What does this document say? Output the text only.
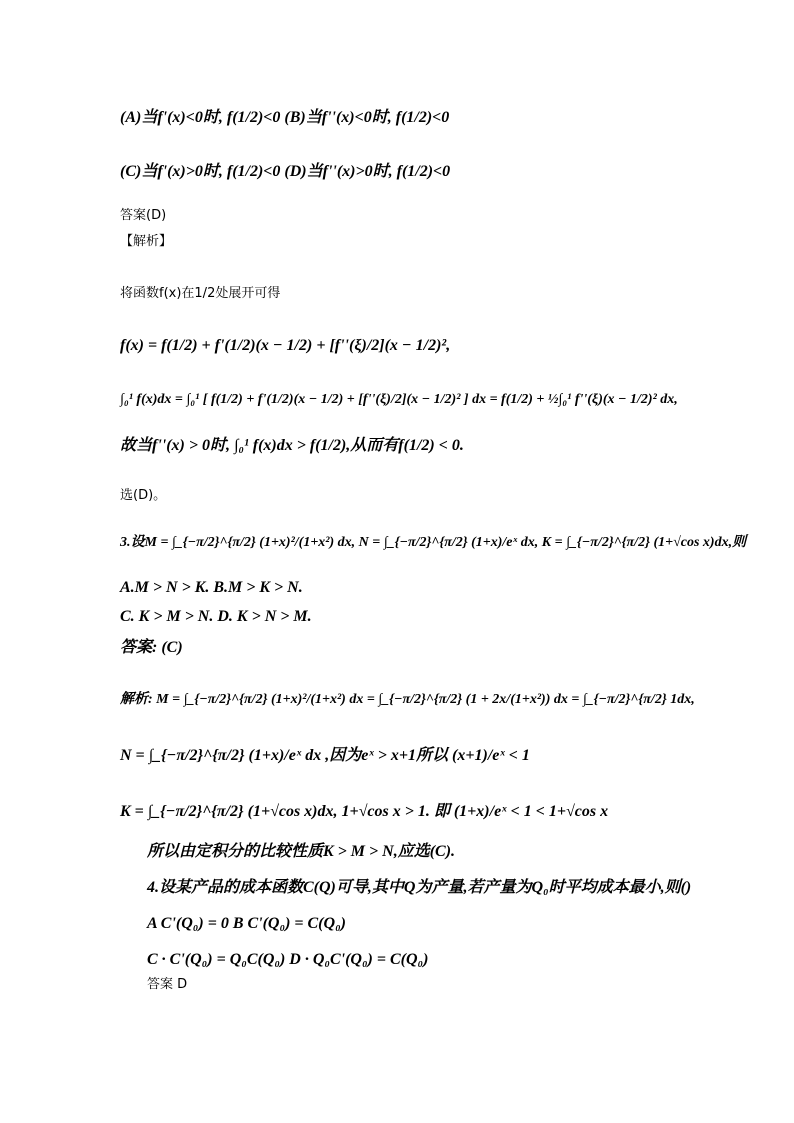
(A)当f'(x)<0时, f(1/2)<0 (B)当f''(x)<0时, f(1/2)<0
(C)当f'(x)>0时, f(1/2)<0 (D)当f''(x)>0时, f(1/2)<0
答案(D)
【解析】
将函数f(x)在1/2处展开可得
f(x) = f(1/2) + f'(1/2)(x − 1/2) + [f''(ξ)/2](x − 1/2)²,
∫₀¹ f(x)dx = ∫₀¹ [ f(1/2) + f'(1/2)(x − 1/2) + [f''(ξ)/2](x − 1/2)² ] dx = f(1/2) + ½∫₀¹ f''(ξ)(x − 1/2)² dx,
故当f''(x) > 0时, ∫₀¹ f(x)dx > f(1/2),从而有f(1/2) < 0.
选(D)。
3.设M = ∫_{−π/2}^{π/2} (1+x)²/(1+x²) dx, N = ∫_{−π/2}^{π/2} (1+x)/eˣ dx, K = ∫_{−π/2}^{π/2} (1+√cos x)dx,则
A.M > N > K. B.M > K > N.
C. K > M > N. D. K > N > M.
答案: (C)
解析: M = ∫_{−π/2}^{π/2} (1+x)²/(1+x²) dx = ∫_{−π/2}^{π/2} (1 + 2x/(1+x²)) dx = ∫_{−π/2}^{π/2} 1dx,
N = ∫_{−π/2}^{π/2} (1+x)/eˣ dx ,因为eˣ > x+1所以 (x+1)/eˣ < 1
K = ∫_{−π/2}^{π/2} (1+√cos x)dx, 1+√cos x > 1. 即 (1+x)/eˣ < 1 < 1+√cos x
所以由定积分的比较性质K > M > N,应选(C).
4.设某产品的成本函数C(Q)可导,其中Q为产量,若产量为Q₀时平均成本最小,则()
A C'(Q₀) = 0 B C'(Q₀) = C(Q₀)
C · C'(Q₀) = Q₀C(Q₀) D · Q₀C'(Q₀) = C(Q₀)
答案 D
